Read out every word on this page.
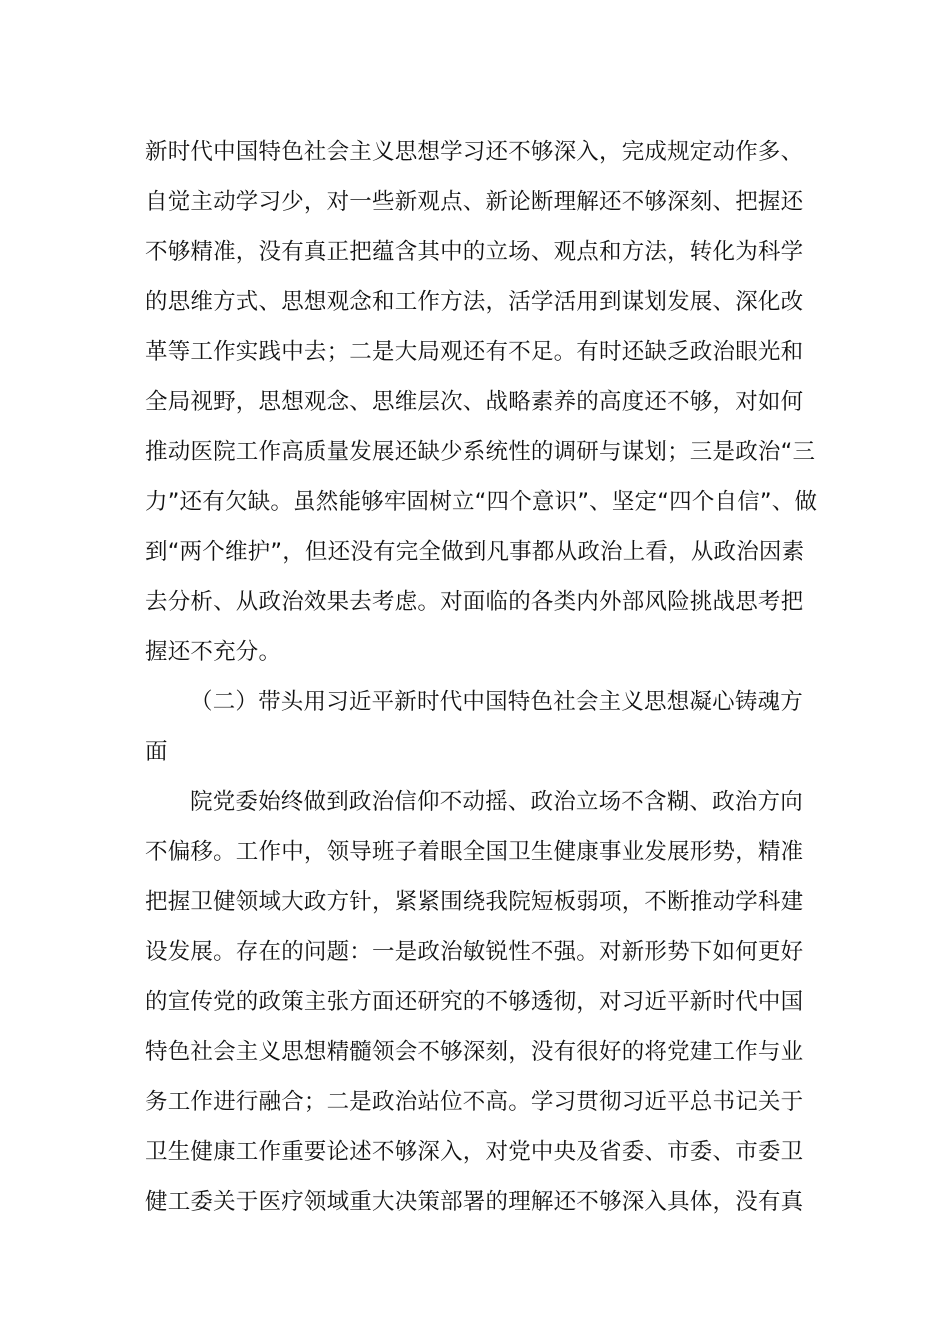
新时代中国特色社会主义思想学习还不够深入，完成规定动作多、
自觉主动学习少，对一些新观点、新论断理解还不够深刻、把握还
不够精准，没有真正把蕴含其中的立场、观点和方法，转化为科学
的思维方式、思想观念和工作方法，活学活用到谋划发展、深化改
革等工作实践中去；二是大局观还有不足。有时还缺乏政治眼光和
全局视野，思想观念、思维层次、战略素养的高度还不够，对如何
推动医院工作高质量发展还缺少系统性的调研与谋划；三是政治“三
力”还有欠缺。虽然能够牢固树立“四个意识”、坚定“四个自信”、做
到“两个维护”，但还没有完全做到凡事都从政治上看，从政治因素
去分析、从政治效果去考虑。对面临的各类内外部风险挑战思考把
握还不充分。
（二）带头用习近平新时代中国特色社会主义思想凝心铸魂方
面
院党委始终做到政治信仰不动摇、政治立场不含糊、政治方向
不偏移。工作中，领导班子着眼全国卫生健康事业发展形势，精准
把握卫健领域大政方针，紧紧围绕我院短板弱项，不断推动学科建
设发展。存在的问题：一是政治敏锐性不强。对新形势下如何更好
的宣传党的政策主张方面还研究的不够透彻，对习近平新时代中国
特色社会主义思想精髓领会不够深刻，没有很好的将党建工作与业
务工作进行融合；二是政治站位不高。学习贯彻习近平总书记关于
卫生健康工作重要论述不够深入，对党中央及省委、市委、市委卫
健工委关于医疗领域重大决策部署的理解还不够深入具体，没有真
